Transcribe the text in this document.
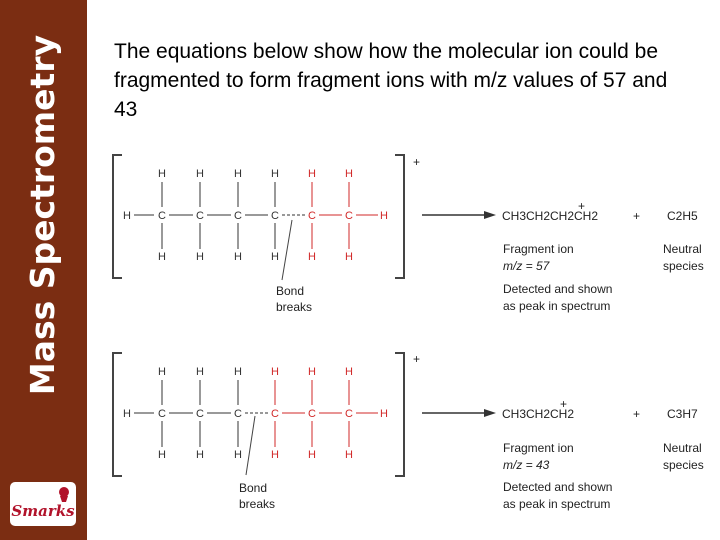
Mass Spectrometry
Smarks
The equations below show how the molecular ion could be fragmented to form fragment ions with m/z values of 57 and 43
+
H	H
C
H
H
C
H
H
C
H
H
C
H
H
C
H
H
C
H
H
Bond
breaks
CH3CH2CH2CH2
+
+ C2H5
Fragment ion
m/z = 57
Detected and shown
as peak in spectrum
Neutral
species
+
H	H
C
H
H
C
H
H
C
H
H
C
H
H
C
H
H
C
H
H
Bond
breaks
CH3CH2CH2
+
+ C3H7
Fragment ion
m/z = 43
Detected and shown
as peak in spectrum
Neutral
species
